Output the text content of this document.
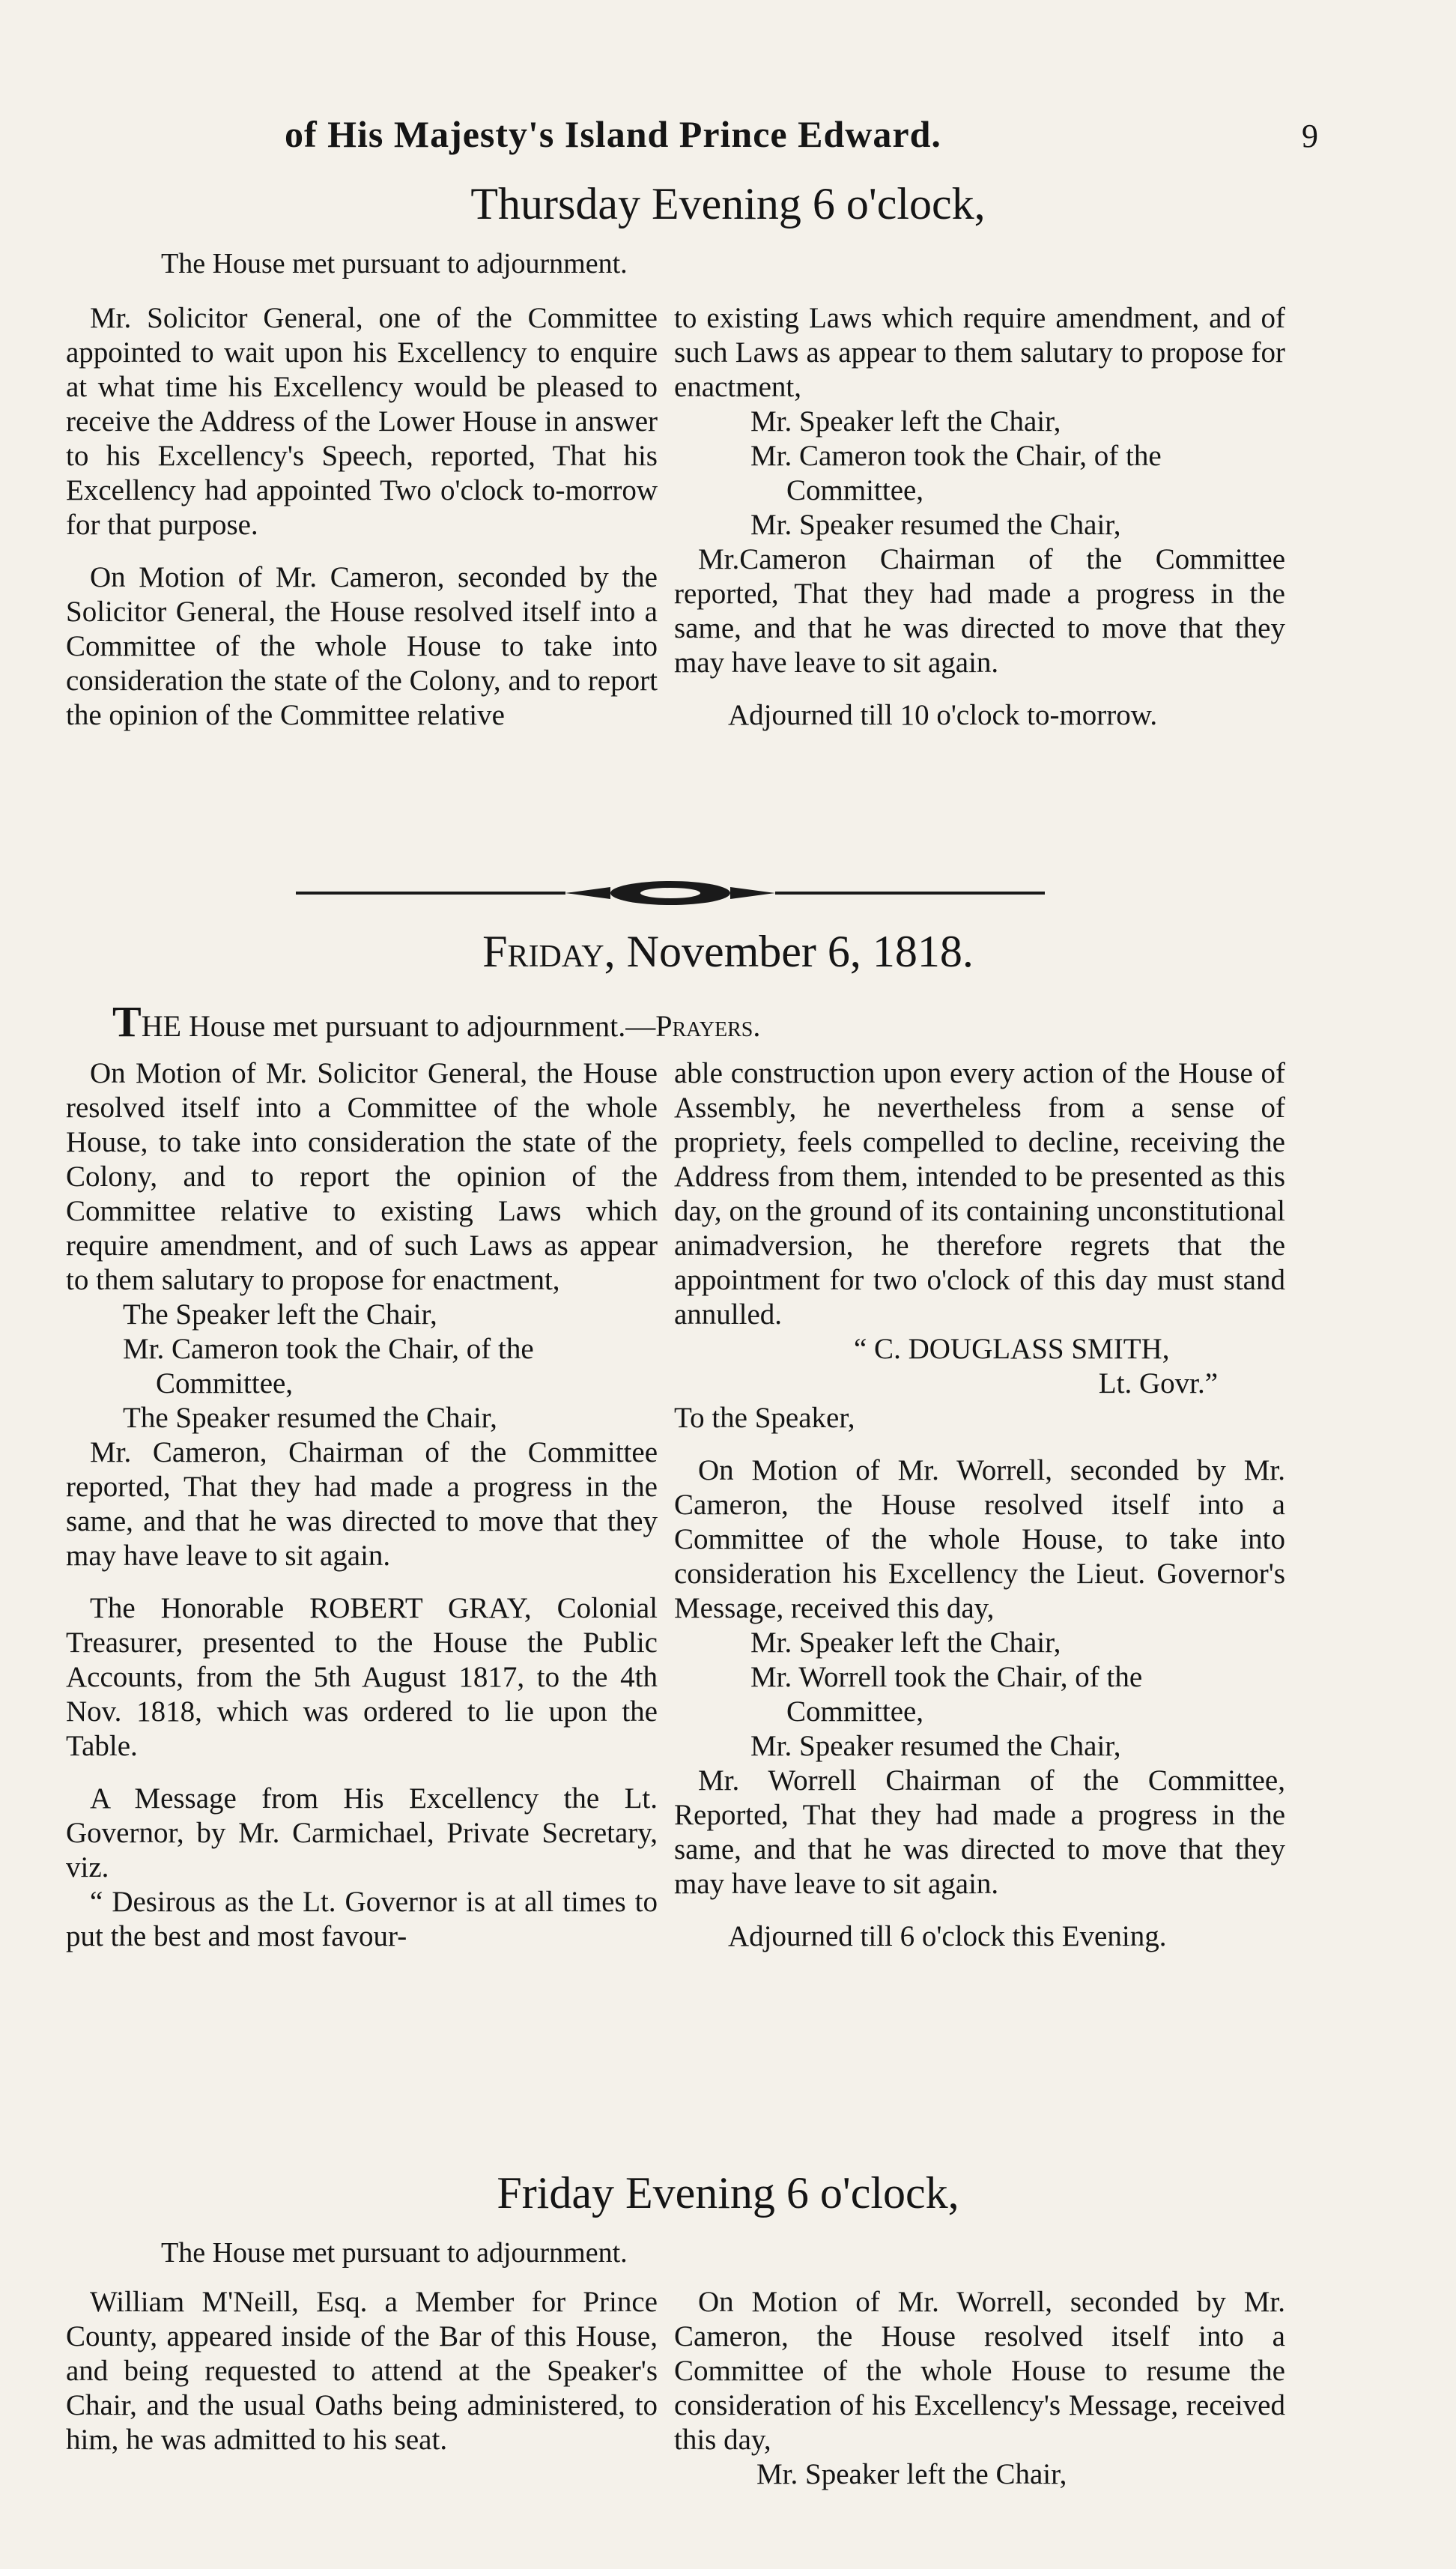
of His Majesty's Island Prince Edward.	9
Thursday Evening 6 o'clock,
The House met pursuant to adjournment.

Mr. Solicitor General, one of the Committee appointed to wait upon his Excellency to enquire at what time his Excellency would be pleased to receive the Address of the Lower House in answer to his Excellency's Speech, reported, That his Excellency had appointed Two o'clock to-morrow for that purpose.

On Motion of Mr. Cameron, seconded by the Solicitor General, the House resolved itself into a Committee of the whole House to take into consideration the state of the Colony, and to report the opinion of the Committee relative

to existing Laws which require amendment, and of such Laws as appear to them salutary to propose for enactment,

Mr. Speaker left the Chair,

Mr. Cameron took the Chair, of the

Committee,

Mr. Speaker resumed the Chair,

Mr.Cameron Chairman of the Committee reported, That they had made a progress in the same, and that he was directed to move that they may have leave to sit again.

Adjourned till 10 o'clock to-morrow.

Friday, November 6, 1818.
THE House met pursuant to adjournment.—Prayers.

On Motion of Mr. Solicitor General, the House resolved itself into a Committee of the whole House, to take into consideration the state of the Colony, and to report the opinion of the Committee relative to existing Laws which require amendment, and of such Laws as appear to them salutary to propose for enactment,

The Speaker left the Chair,

Mr. Cameron took the Chair, of the

Committee,

The Speaker resumed the Chair,

Mr. Cameron, Chairman of the Committee reported, That they had made a progress in the same, and that he was directed to move that they may have leave to sit again.

The Honorable ROBERT GRAY, Colonial Treasurer, presented to the House the Public Accounts, from the 5th August 1817, to the 4th Nov. 1818, which was ordered to lie upon the Table.

A Message from His Excellency the Lt. Governor, by Mr. Carmichael, Private Secretary, viz.

“ Desirous as the Lt. Governor is at all times to put the best and most favour-

able construction upon every action of the House of Assembly, he nevertheless from a sense of propriety, feels compelled to decline, receiving the Address from them, intended to be presented as this day, on the ground of its containing unconstitutional animadversion, he therefore regrets that the appointment for two o'clock of this day must stand annulled.

“ C. DOUGLASS SMITH,

Lt. Govr.”

To the Speaker,

On Motion of Mr. Worrell, seconded by Mr. Cameron, the House resolved itself into a Committee of the whole House, to take into consideration his Excellency the Lieut. Governor's Message, received this day,

Mr. Speaker left the Chair,

Mr. Worrell took the Chair, of the

Committee,

Mr. Speaker resumed the Chair,

Mr. Worrell Chairman of the Committee, Reported, That they had made a progress in the same, and that he was directed to move that they may have leave to sit again.

Adjourned till 6 o'clock this Evening.

Friday Evening 6 o'clock,
The House met pursuant to adjournment.

William M'Neill, Esq. a Member for Prince County, appeared inside of the Bar of this House, and being requested to attend at the Speaker's Chair, and the usual Oaths being administered, to him, he was admitted to his seat.

On Motion of Mr. Worrell, seconded by Mr. Cameron, the House resolved itself into a Committee of the whole House to resume the consideration of his Excellency's Message, received this day,

Mr. Speaker left the Chair,
